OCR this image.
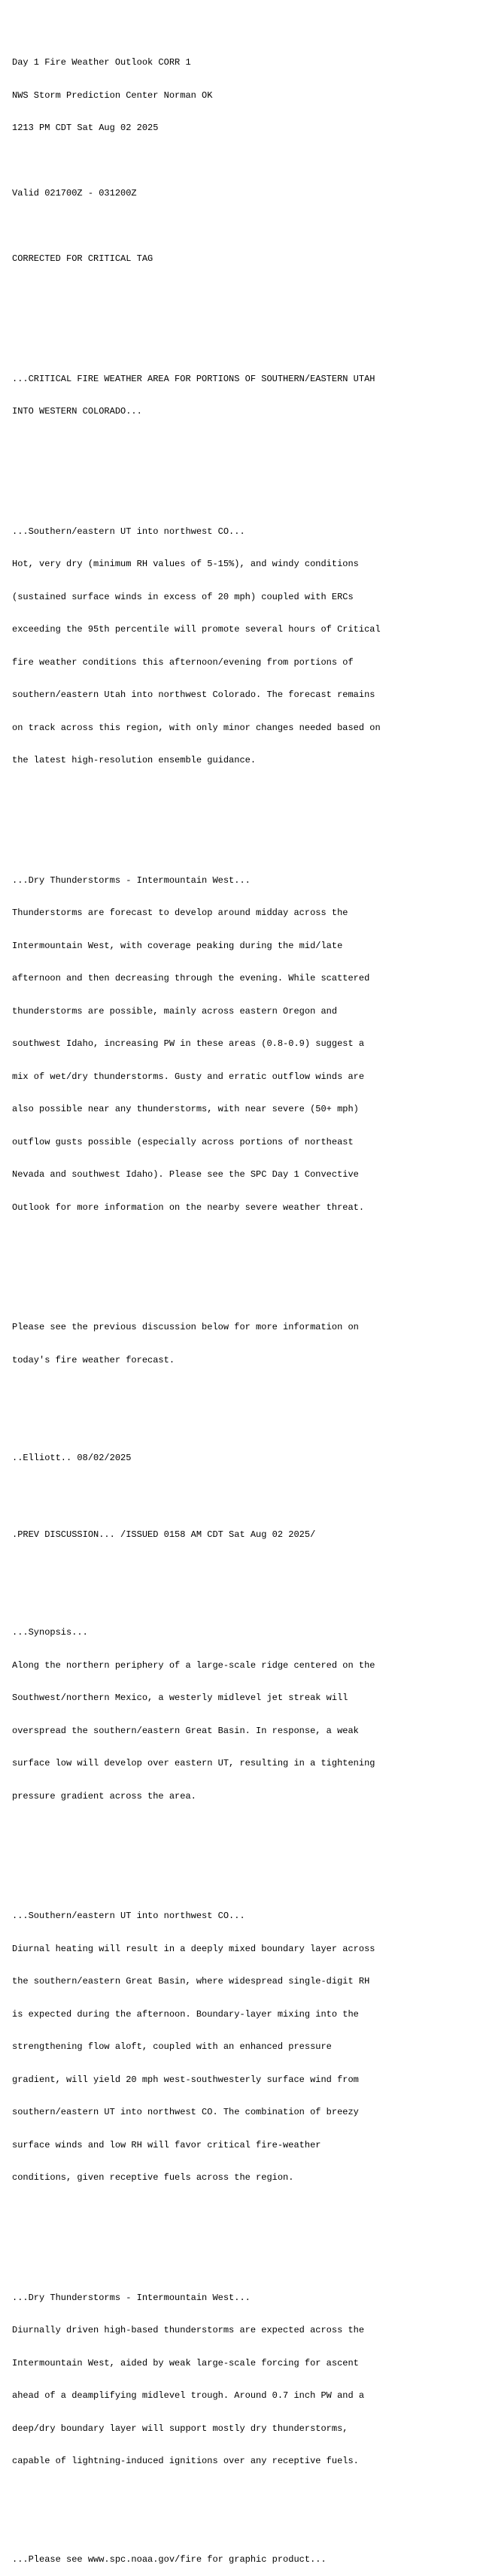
Day 1 Fire Weather Outlook CORR 1

NWS Storm Prediction Center Norman OK

1213 PM CDT Sat Aug 02 2025

Valid 021700Z - 031200Z

CORRECTED FOR CRITICAL TAG

...CRITICAL FIRE WEATHER AREA FOR PORTIONS OF SOUTHERN/EASTERN UTAH

INTO WESTERN COLORADO...

...Southern/eastern UT into northwest CO...

Hot, very dry (minimum RH values of 5-15%), and windy conditions

(sustained surface winds in excess of 20 mph) coupled with ERCs

exceeding the 95th percentile will promote several hours of Critical

fire weather conditions this afternoon/evening from portions of

southern/eastern Utah into northwest Colorado. The forecast remains

on track across this region, with only minor changes needed based on

the latest high-resolution ensemble guidance.

...Dry Thunderstorms - Intermountain West...

Thunderstorms are forecast to develop around midday across the

Intermountain West, with coverage peaking during the mid/late

afternoon and then decreasing through the evening. While scattered

thunderstorms are possible, mainly across eastern Oregon and

southwest Idaho, increasing PW in these areas (0.8-0.9) suggest a

mix of wet/dry thunderstorms. Gusty and erratic outflow winds are

also possible near any thunderstorms, with near severe (50+ mph)

outflow gusts possible (especially across portions of northeast

Nevada and southwest Idaho). Please see the SPC Day 1 Convective

Outlook for more information on the nearby severe weather threat.

Please see the previous discussion below for more information on

today's fire weather forecast.

..Elliott.. 08/02/2025

.PREV DISCUSSION... /ISSUED 0158 AM CDT Sat Aug 02 2025/

...Synopsis...

Along the northern periphery of a large-scale ridge centered on the

Southwest/northern Mexico, a westerly midlevel jet streak will

overspread the southern/eastern Great Basin. In response, a weak

surface low will develop over eastern UT, resulting in a tightening

pressure gradient across the area.

...Southern/eastern UT into northwest CO...

Diurnal heating will result in a deeply mixed boundary layer across

the southern/eastern Great Basin, where widespread single-digit RH

is expected during the afternoon. Boundary-layer mixing into the

strengthening flow aloft, coupled with an enhanced pressure

gradient, will yield 20 mph west-southwesterly surface wind from

southern/eastern UT into northwest CO. The combination of breezy

surface winds and low RH will favor critical fire-weather

conditions, given receptive fuels across the region.

...Dry Thunderstorms - Intermountain West...

Diurnally driven high-based thunderstorms are expected across the

Intermountain West, aided by weak large-scale forcing for ascent

ahead of a deamplifying midlevel trough. Around 0.7 inch PW and a

deep/dry boundary layer will support mostly dry thunderstorms,

capable of lightning-induced ignitions over any receptive fuels.

...Please see www.spc.noaa.gov/fire for graphic product...
